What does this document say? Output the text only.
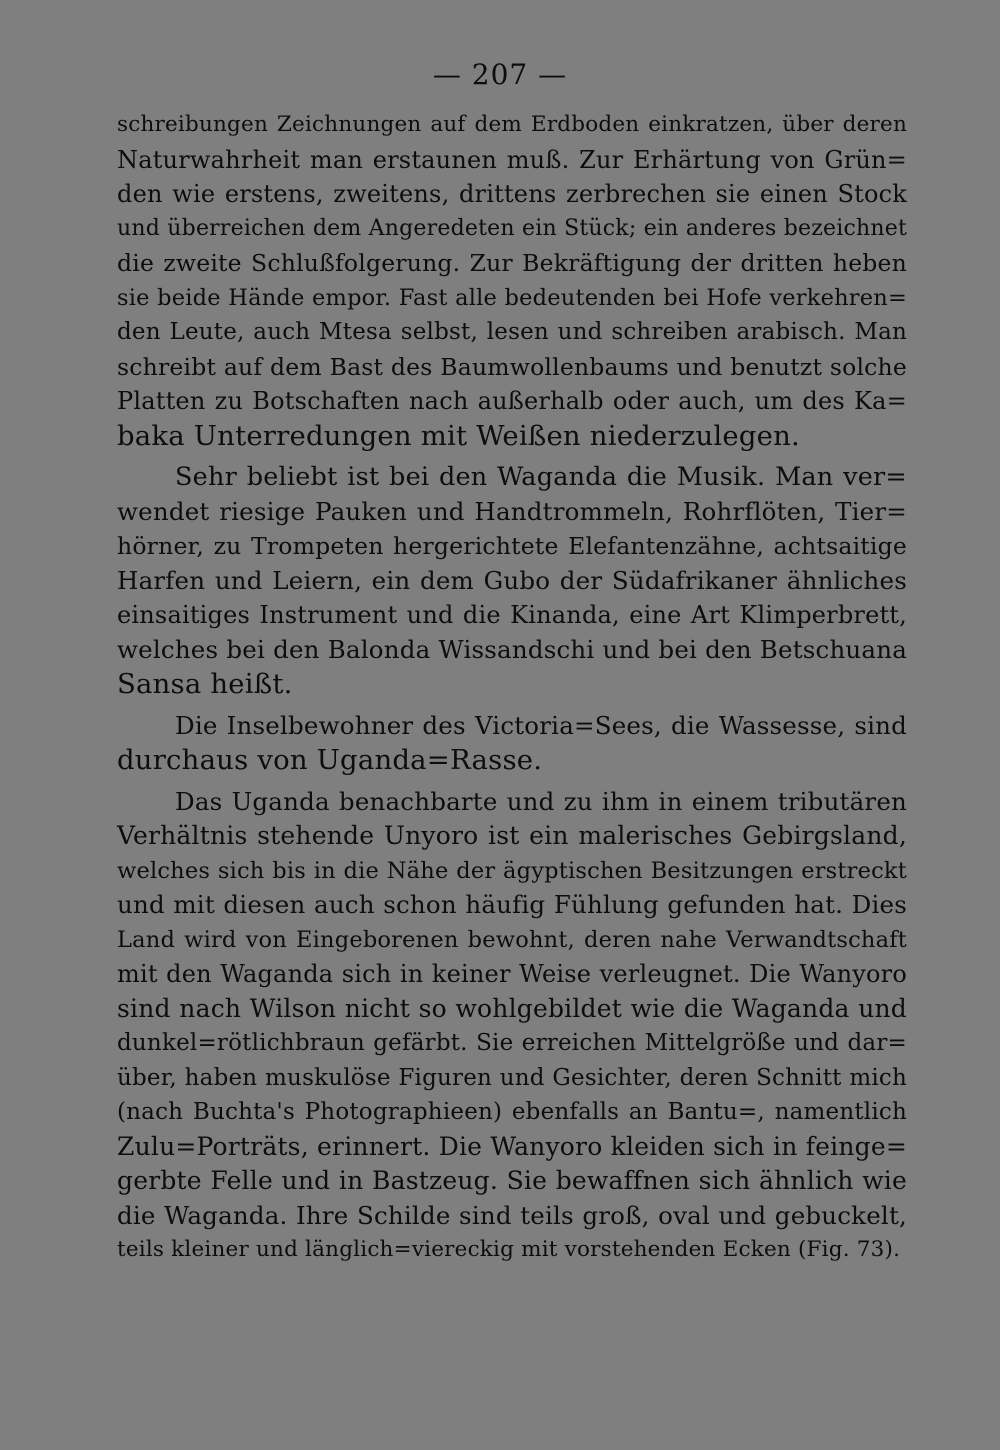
— 207 —
schreibungen Zeichnungen auf dem Erdboden einkratzen, über deren
Naturwahrheit man erstaunen muß. Zur Erhärtung von Grün=
den wie erstens, zweitens, drittens zerbrechen sie einen Stock
und überreichen dem Angeredeten ein Stück; ein anderes bezeichnet
die zweite Schlußfolgerung. Zur Bekräftigung der dritten heben
sie beide Hände empor. Fast alle bedeutenden bei Hofe verkehren=
den Leute, auch Mtesa selbst, lesen und schreiben arabisch. Man
schreibt auf dem Bast des Baumwollenbaums und benutzt solche
Platten zu Botschaften nach außerhalb oder auch, um des Ka=
baka Unterredungen mit Weißen niederzulegen.
Sehr beliebt ist bei den Waganda die Musik. Man ver=
wendet riesige Pauken und Handtrommeln, Rohrflöten, Tier=
hörner, zu Trompeten hergerichtete Elefantenzähne, achtsaitige
Harfen und Leiern, ein dem Gubo der Südafrikaner ähnliches
einsaitiges Instrument und die Kinanda, eine Art Klimperbrett,
welches bei den Balonda Wissandschi und bei den Betschuana
Sansa heißt.
Die Inselbewohner des Victoria=Sees, die Wassesse, sind
durchaus von Uganda=Rasse.
Das Uganda benachbarte und zu ihm in einem tributären
Verhältnis stehende Unyoro ist ein malerisches Gebirgsland,
welches sich bis in die Nähe der ägyptischen Besitzungen erstreckt
und mit diesen auch schon häufig Fühlung gefunden hat. Dies
Land wird von Eingeborenen bewohnt, deren nahe Verwandtschaft
mit den Waganda sich in keiner Weise verleugnet. Die Wanyoro
sind nach Wilson nicht so wohlgebildet wie die Waganda und
dunkel=rötlichbraun gefärbt. Sie erreichen Mittelgröße und dar=
über, haben muskulöse Figuren und Gesichter, deren Schnitt mich
(nach Buchta's Photographieen) ebenfalls an Bantu=, namentlich
Zulu=Porträts, erinnert. Die Wanyoro kleiden sich in feinge=
gerbte Felle und in Bastzeug. Sie bewaffnen sich ähnlich wie
die Waganda. Ihre Schilde sind teils groß, oval und gebuckelt,
teils kleiner und länglich=viereckig mit vorstehenden Ecken (Fig. 73).
